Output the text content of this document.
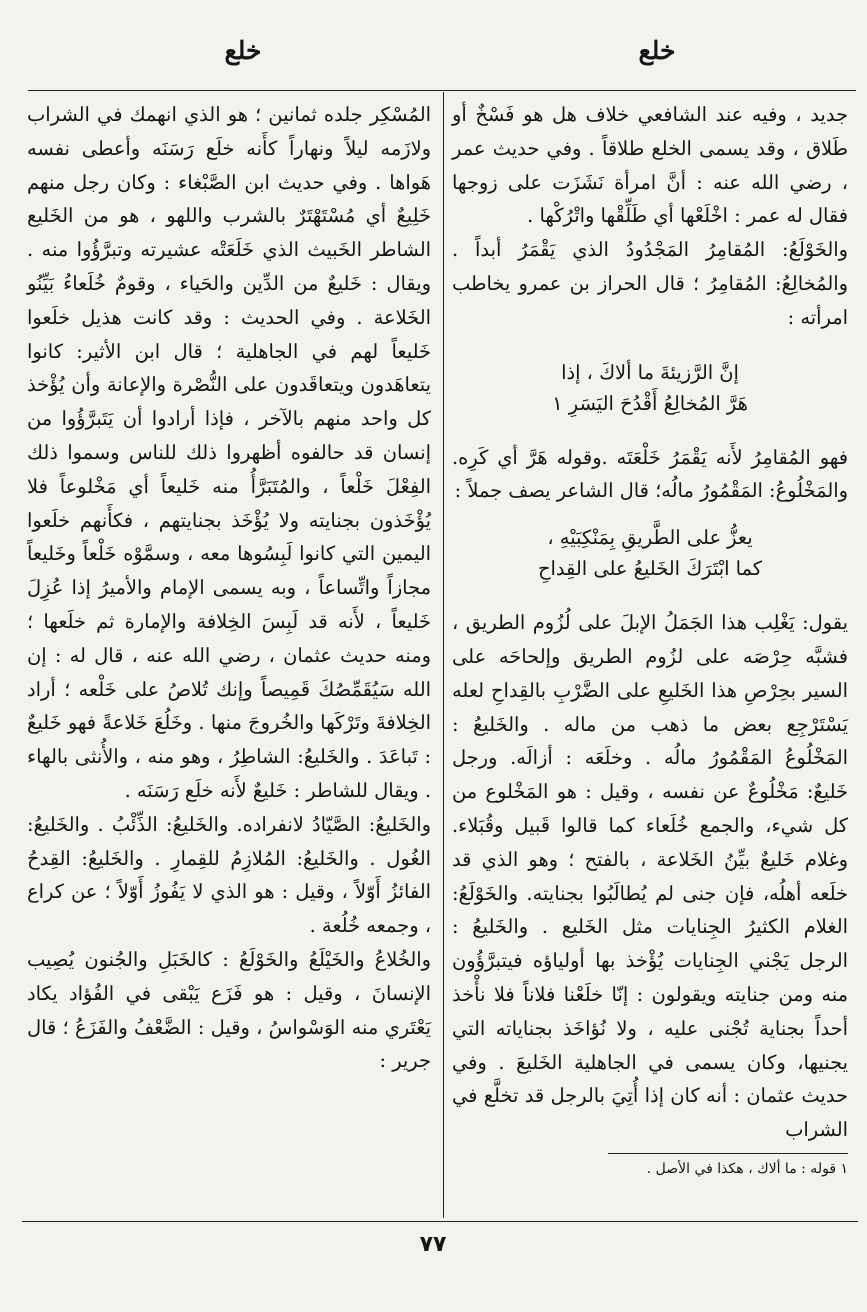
خلع
خلع

جديد ، وفيه عند الشافعي خلاف هل هو فَسْخٌ أو طَلاق ، وقد يسمى الخلع طلاقاً . وفي حديث عمر ، رضي الله عنه : أنَّ امرأة نَشَزَت على زوجها فقال له عمر : اخْلَعْها أي طَلِّقْها واتْرُكْها .

والخَوْلَعُ: المُقامِرُ المَجْدُودُ الذي يَقْمَرُ أبداً . والمُخالِعُ: المُقامِرُ ؛ قال الحراز بن عمرو يخاطب امرأته :

إنَّ الرَّزيئةَ ما ألاكَ ، إذا

هَرَّ المُخالِعُ أَقْدُحَ اليَسَرِ ١

فهو المُقامِرُ لأَنه يَقْمَرُ خَلْعَتَه .وقوله هَرَّ أي كَرِه. والمَخْلُوعُ: المَقْمُورُ مالُه؛ قال الشاعر يصف جملاً :

يعزُّ على الطَّريقِ بِمَنْكِبَيْهِ ،

كما ابْتَرَكَ الخَليعُ على القِداحِ

يقول: يَغْلِب هذا الجَمَلُ الإبلَ على لُزُوم الطريق ، فشبَّه حِرْصَه على لزُوم الطريق وإلحاحَه على السير بحِرْصِ هذا الخَليعِ على الضَّرْبِ بالقِداحِ لعله يَسْتَرْجِع بعض ما ذهب من ماله . والخَليعُ : المَخْلُوعُ المَقْمُورُ مالُه . وخلَعَه : أزالَه. ورجل خَليعٌ: مَخْلُوعٌ عن نفسه ، وقيل : هو المَخْلوع من كل شيء، والجمع خُلَعاء كما قالوا قَبيل وقُبَلاء. وغلام خَليعٌ بيِّنُ الخَلاعة ، بالفتح ؛ وهو الذي قد خلَعه أهلُه، فإن جنى لم يُطالَبُوا بجنايته. والخَوْلَعُ: الغلام الكثيرُ الجِنايات مثل الخَليع . والخَليعُ : الرجل يَجْني الجِنايات يُؤْخذ بها أولياؤه فيتبرَّؤُون منه ومن جنايته ويقولون : إنّا خلَعْنا فلاناً فلا نأْخذ أحداً بجناية تُجْنى عليه ، ولا نُؤاخَذ بجناياته التي يجنيها، وكان يسمى في الجاهلية الخَليعَ . وفي حديث عثمان : أنه كان إذا أُتِيَ بالرجل قد تخلَّع في الشراب

١ قوله : ما ألاك ، هكذا في الأصل .

المُسْكِر جلده ثمانين ؛ هو الذي انهمك في الشراب ولازَمه ليلاً ونهاراً كأَنه خلَع رَسَنَه وأعطى نفسه هَواها . وفي حديث ابن الصَّبْغاء : وكان رجل منهم خَلِيعٌ أي مُسْتَهْتَرٌ بالشرب واللهو ، هو من الخَليع الشاطر الخَبيث الذي خَلَعَتْه عشيرته وتبرَّؤُوا منه . ويقال : خَليعٌ من الدِّين والحَياء ، وقومٌ خُلَعاءُ بَيِّنُو الخَلاعة . وفي الحديث : وقد كانت هذيل خلَعوا خَليعاً لهم في الجاهلية ؛ قال ابن الأثير: كانوا يتعاهَدون ويتعاقَدون على النُّصْرة والإعانة وأن يُؤْخذ كل واحد منهم بالآخر ، فإذا أرادوا أن يَتَبرَّؤُوا من إنسان قد حالفوه أظهروا ذلك للناس وسموا ذلك الفِعْلَ خَلْعاً ، والمُتَبَرَّأُ منه خَليعاً أي مَخْلوعاً فلا يُؤْخَذون بجنايته ولا يُؤْخَذ بجنايتهم ، فكأَنهم خلَعوا اليمين التي كانوا لَبِسُوها معه ، وسمَّوْه خَلْعاً وخَليعاً مجازاً واتِّساعاً ، وبه يسمى الإمام والأميرُ إذا عُزِلَ خَليعاً ، لأَنه قد لَبِسَ الخِلافة والإمارة ثم خلَعها ؛ ومنه حديث عثمان ، رضي الله عنه ، قال له : إن الله سَيُقَمِّصُكَ قَمِيصاً وإنك تُلاصُ على خَلْعه ؛ أراد الخِلافةَ وتَرْكَها والخُروجَ منها . وخَلُعَ خَلاعةً فهو خَليعٌ : تَباعَدَ . والخَليعُ: الشاطِرُ ، وهو منه ، والأُنثى بالهاء . ويقال للشاطر : خَليعٌ لأَنه خلَع رَسَنَه .

والخَليعُ: الصَّيّادُ لانفراده. والخَليعُ: الذِّئْبُ . والخَليعُ: الغُول . والخَليعُ: المُلازِمُ للقِمارِ . والخَليعُ: القِدحُ الفائزُ أَوّلاً ، وقيل : هو الذي لا يَفُوزُ أَوّلاً ؛ عن كراع ، وجمعه خُلُعة .

والخُلاعُ والخَيْلَعُ والخَوْلَعُ : كالخَبَلِ والجُنون يُصِيب الإنسانَ ، وقيل : هو فَزَع يَبْقى في الفُؤاد يكاد يَعْتَري منه الوَسْواسُ ، وقيل : الضَّعْفُ والفَزَعُ ؛ قال جرير :

٧٧
